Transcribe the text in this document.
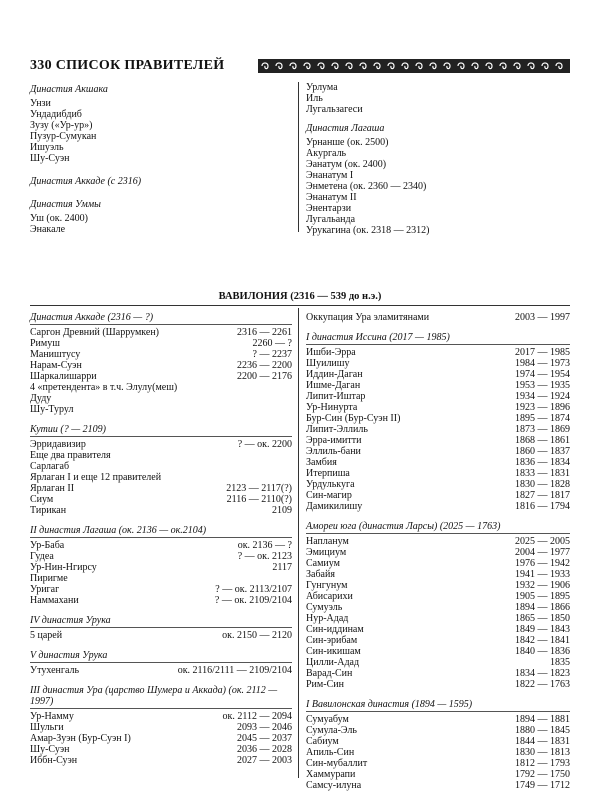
330 СПИСОК ПРАВИТЕЛЕЙ
Династия Акшака
Унзи
Ундадибдиб
Зузу («Ур-ур»)
Пузур-Сумукан
Ишуэль
Шу-Суэн
Династия Аккаде (с 2316)
Династия Уммы
Уш (ок. 2400)
Энакале
Урлума
Иль
Лугальзагеси
Династия Лагаша
Урнанше (ок. 2500)
Акургаль
Эанатум (ок. 2400)
Энанатум I
Энметена (ок. 2360 — 2340)
Энанатум II
Энентарзи
Лугальанда
Урукагина (ок. 2318 — 2312)
ВАВИЛОНИЯ (2316 — 539 до н.э.)
Династия Аккаде (2316 — ?)
Саргон Древний (Шаррумкен)	2316 — 2261
Римуш	2260 — ?
Маништусу	? — 2237
Нарам-Суэн	2236 — 2200
Шаркалишарри	2200 — 2176
4 «претендента» в т.ч. Элулу(меш)
Дуду
Шу-Турул
Кутии (? — 2109)
Эрридавизир	? — ок. 2200
Еще два правителя
Сарлагаб
Ярлаган I и еще 12 правителей
Ярлаган II	2123 — 2117(?)
Сиум	2116 — 2110(?)
Тирикан	2109
II династия Лагаша (ок. 2136 — ок.2104)
Ур-Баба	ок. 2136 — ?
Гудеа	? — ок. 2123
Ур-Нин-Нгирсу	2117
Пиригме
Уригаг	? — ок. 2113/2107
Наммахани	? — ок. 2109/2104
IV династия Урука
5 царей	ок. 2150 — 2120
V династия Урука
Утухенгаль	ок. 2116/2111 — 2109/2104
III династия Ура (царство Шумера и Аккада) (ок. 2112 — 1997)
Ур-Намму	ок. 2112 — 2094
Шульги	2093 — 2046
Амар-Зуэн (Бур-Суэн I)	2045 — 2037
Шу-Суэн	2036 — 2028
Иббн-Суэн	2027 — 2003
Оккупация Ура эламитянами	2003 — 1997
I династия Иссина (2017 — 1985)
Ишби-Эрра	2017 — 1985
Шуилишу	1984 — 1973
Иддин-Даган	1974 — 1954
Ишме-Даган	1953 — 1935
Липит-Иштар	1934 — 1924
Ур-Нинурта	1923 — 1896
Бур-Син (Бур-Суэн II)	1895 — 1874
Липит-Эллиль	1873 — 1869
Эрра-имитти	1868 — 1861
Эллиль-бани	1860 — 1837
Замбия	1836 — 1834
Итерпиша	1833 — 1831
Урдулькуга	1830 — 1828
Син-магир	1827 — 1817
Дамикилишу	1816 — 1794
Амореи юга (династия Ларсы) (2025 — 1763)
Напланум	2025 — 2005
Эмициум	2004 — 1977
Самиум	1976 — 1942
Забайя	1941 — 1933
Гунгунум	1932 — 1906
Абисарихи	1905 — 1895
Сумуэль	1894 — 1866
Нур-Адад	1865 — 1850
Син-иддинам	1849 — 1843
Син-эрибам	1842 — 1841
Син-икишам	1840 — 1836
Цилли-Адад	1835
Варад-Син	1834 — 1823
Рим-Син	1822 — 1763
I Вавилонская династия (1894 — 1595)
Сумуабум	1894 — 1881
Сумула-Эль	1880 — 1845
Сабиум	1844 — 1831
Апиль-Син	1830 — 1813
Син-мубаллит	1812 — 1793
Хаммурапи	1792 — 1750
Самсу-илуна	1749 — 1712
